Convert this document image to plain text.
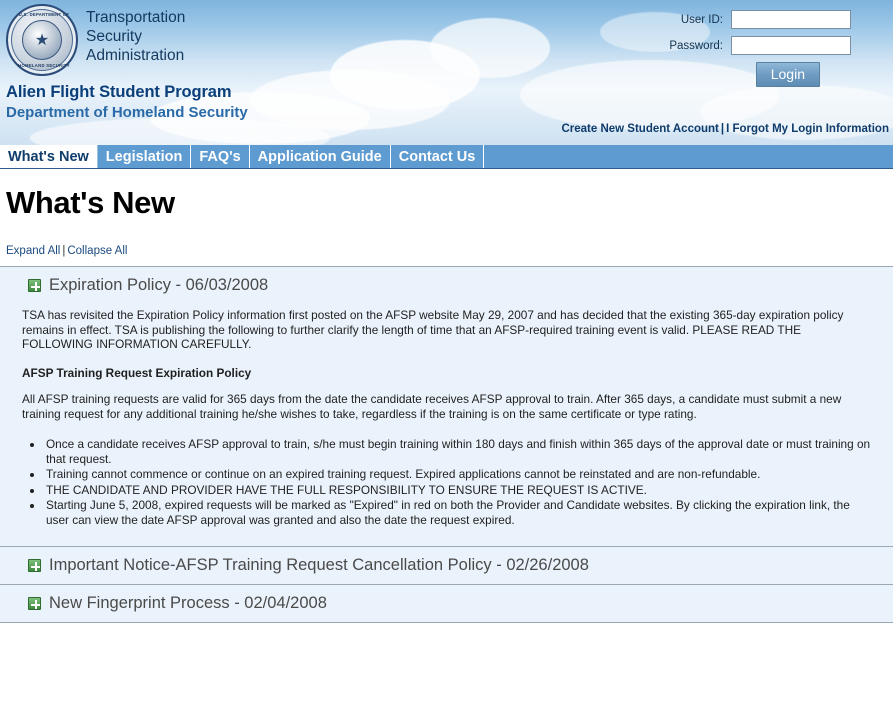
U.S. DEPARTMENT OF
★
HOMELAND SECURITY
Transportation
Security
Administration
Alien Flight Student Program
Department of Homeland Security
User ID:
Password:
Login
Create New Student Account | I Forgot My Login Information
What's New	Legislation	FAQ's	Application Guide	Contact Us
What's New
Expand All | Collapse All
Expiration Policy - 06/03/2008

TSA has revisited the Expiration Policy information first posted on the AFSP website May 29, 2007 and has decided that the existing 365-day expiration policy remains in effect. TSA is publishing the following to further clarify the length of time that an AFSP-required training event is valid. PLEASE READ THE FOLLOWING INFORMATION CAREFULLY.

AFSP Training Request Expiration Policy

All AFSP training requests are valid for 365 days from the date the candidate receives AFSP approval to train. After 365 days, a candidate must submit a new training request for any additional training he/she wishes to take, regardless if the training is on the same certificate or type rating.

• Once a candidate receives AFSP approval to train, s/he must begin training within 180 days and finish within 365 days of the approval date or must training on that request.
• Training cannot commence or continue on an expired training request. Expired applications cannot be reinstated and are non-refundable.
• THE CANDIDATE AND PROVIDER HAVE THE FULL RESPONSIBILITY TO ENSURE THE REQUEST IS ACTIVE.
• Starting June 5, 2008, expired requests will be marked as "Expired" in red on both the Provider and Candidate websites. By clicking the expiration link, the user can view the date AFSP approval was granted and also the date the request expired.
Important Notice-AFSP Training Request Cancellation Policy - 02/26/2008
New Fingerprint Process - 02/04/2008
